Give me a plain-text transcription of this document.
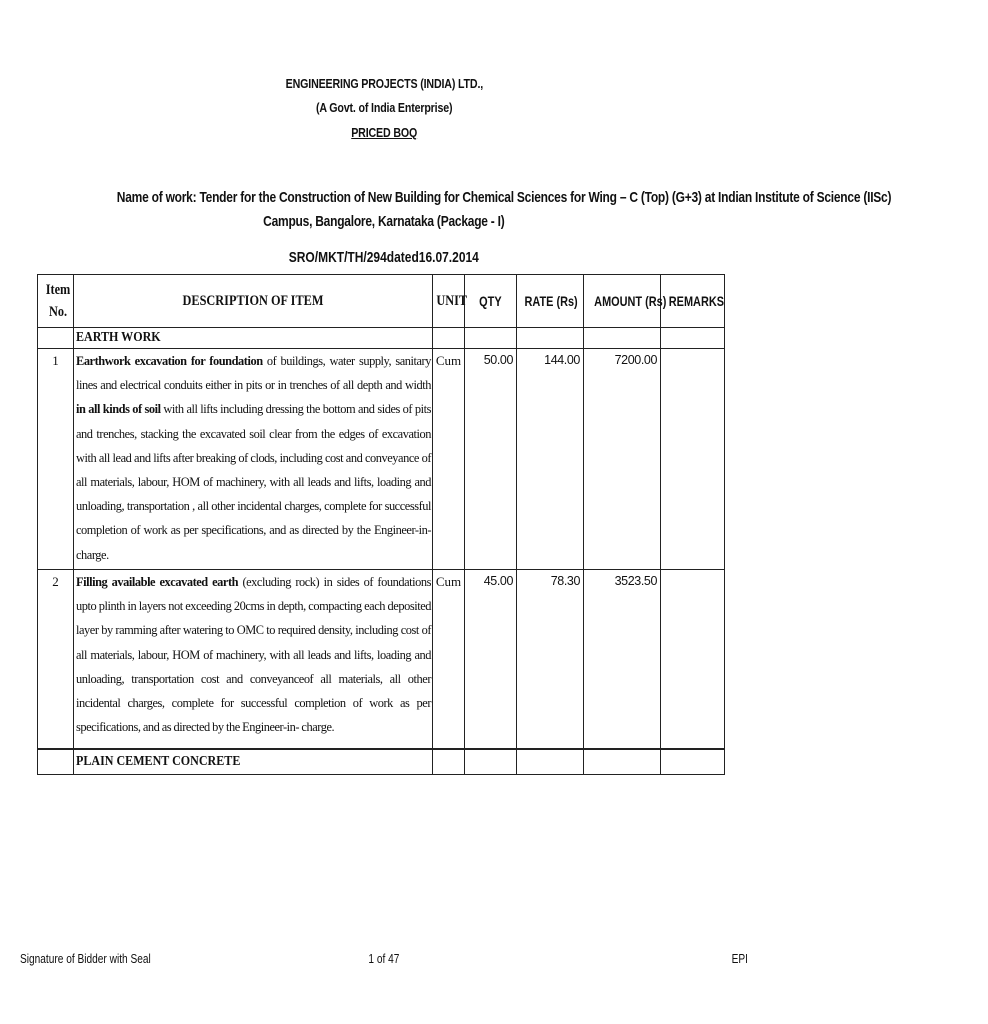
ENGINEERING PROJECTS (INDIA) LTD.,
(A Govt. of India Enterprise)
PRICED BOQ
Name of work: Tender for the Construction of New Building for Chemical Sciences for Wing – C (Top) (G+3) at Indian Institute of Science (IISc)
Campus, Bangalore, Karnataka (Package - I)
SRO/MKT/TH/294dated16.07.2014
Item No.	DESCRIPTION OF ITEM	UNIT	QTY	RATE (Rs)	AMOUNT (Rs)	REMARKS
	EARTH WORK					
1	Earthwork excavation for foundation of buildings, water supply, sanitary lines and electrical conduits either in pits or in trenches of all depth and width in all kinds of soil with all lifts including dressing the bottom and sides of pits and trenches, stacking the excavated soil clear from the edges of excavation with all lead and lifts after breaking of clods, including cost and conveyance of all materials, labour, HOM of machinery, with all leads and lifts, loading and unloading, transportation , all other incidental charges, complete for successful completion of work as per specifications, and as directed by the Engineer-in- charge.	Cum	50.00	144.00	7200.00	
2	Filling available excavated earth (excluding rock) in sides of foundations upto plinth in layers not exceeding 20cms in depth, compacting each deposited layer by ramming after watering to OMC to required density, including cost of all materials, labour, HOM of machinery, with all leads and lifts, loading and unloading, transportation cost and conveyanceof all materials, all other incidental charges, complete for successful completion of work as per specifications, and as directed by the Engineer-in- charge.	Cum	45.00	78.30	3523.50	
	PLAIN CEMENT CONCRETE					
Signature of Bidder with Seal	1 of 47	EPI
